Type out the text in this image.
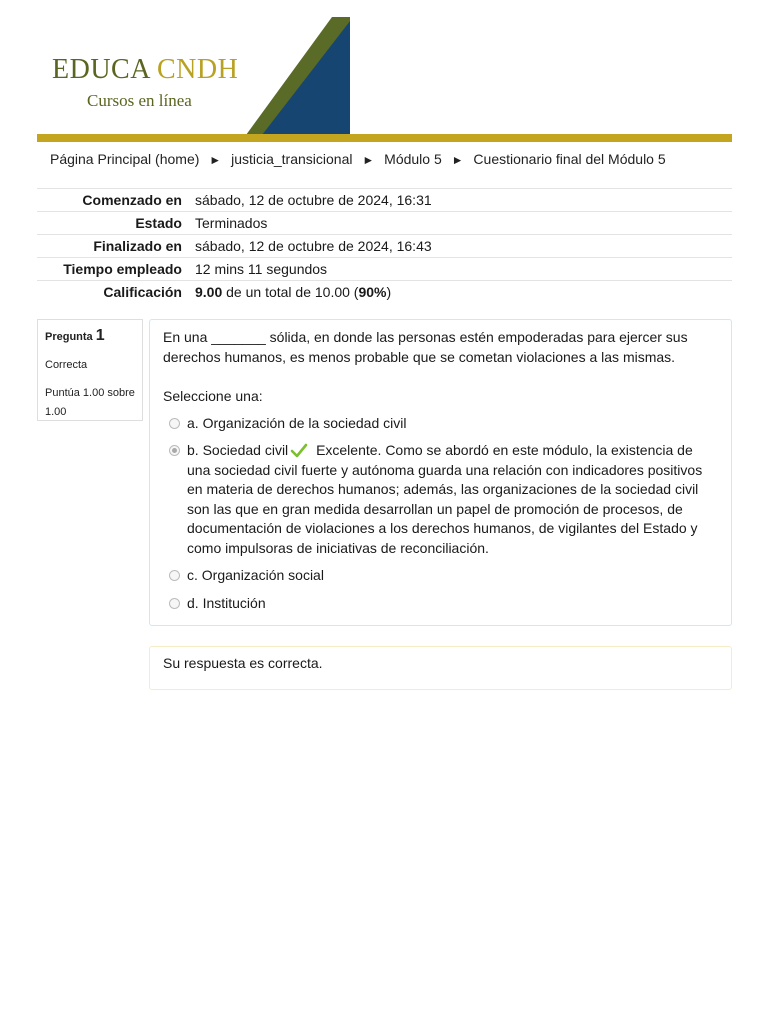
EDUCA CNDH
Cursos en línea
Página Principal (home) ► justicia_transicional ► Módulo 5 ► Cuestionario final del Módulo 5
Comenzado en	sábado, 12 de octubre de 2024, 16:31
Estado	Terminados
Finalizado en	sábado, 12 de octubre de 2024, 16:43
Tiempo empleado	12 mins 11 segundos
Calificación	9.00 de un total de 10.00 (90%)
Pregunta 1
Correcta
Puntúa 1.00 sobre 1.00
En una _______ sólida, en donde las personas estén empoderadas para ejercer sus derechos humanos, es menos probable que se cometan violaciones a las mismas.
Seleccione una:
a. Organización de la sociedad civil
b. Sociedad civil Excelente. Como se abordó en este módulo, la existencia de una sociedad civil fuerte y autónoma guarda una relación con indicadores positivos en materia de derechos humanos; además, las organizaciones de la sociedad civil son las que en gran medida desarrollan un papel de promoción de procesos, de documentación de violaciones a los derechos humanos, de vigilantes del Estado y como impulsoras de iniciativas de reconciliación.
c. Organización social
d. Institución
Su respuesta es correcta.
